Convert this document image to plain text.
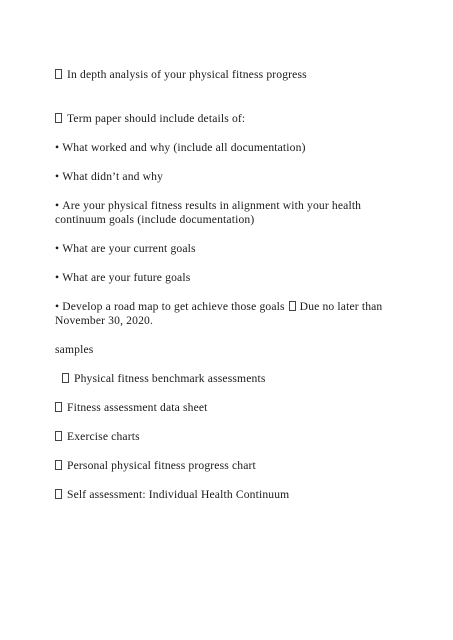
In depth analysis of your physical fitness progress
Term paper should include details of:
• What worked and why (include all documentation)
• What didn’t and why
• Are your physical fitness results in alignment with your health continuum goals (include documentation)
• What are your current goals
• What are your future goals
• Develop a road map to get achieve those goals Due no later than November 30, 2020.
samples
Physical fitness benchmark assessments
Fitness assessment data sheet
Exercise charts
Personal physical fitness progress chart
Self assessment: Individual Health Continuum
